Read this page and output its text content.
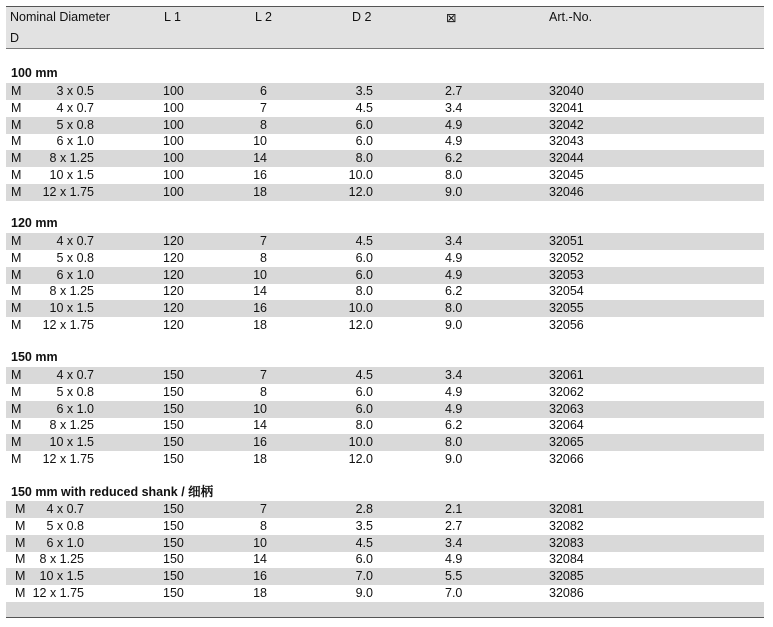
Nominal Diameter
D
L 1	L 2	D 2	⊠	Art.-No.
100 mm
M	3 x 0.5	100	6	3.5	2.7	32040
M	4 x 0.7	100	7	4.5	3.4	32041
M	5 x 0.8	100	8	6.0	4.9	32042
M	6 x 1.0	100	10	6.0	4.9	32043
M	8 x 1.25	100	14	8.0	6.2	32044
M	10 x 1.5	100	16	10.0	8.0	32045
M	12 x 1.75	100	18	12.0	9.0	32046
120 mm
M	4 x 0.7	120	7	4.5	3.4	32051
M	5 x 0.8	120	8	6.0	4.9	32052
M	6 x 1.0	120	10	6.0	4.9	32053
M	8 x 1.25	120	14	8.0	6.2	32054
M	10 x 1.5	120	16	10.0	8.0	32055
M	12 x 1.75	120	18	12.0	9.0	32056
150 mm
M	4 x 0.7	150	7	4.5	3.4	32061
M	5 x 0.8	150	8	6.0	4.9	32062
M	6 x 1.0	150	10	6.0	4.9	32063
M	8 x 1.25	150	14	8.0	6.2	32064
M	10 x 1.5	150	16	10.0	8.0	32065
M	12 x 1.75	150	18	12.0	9.0	32066
150 mm with reduced shank / 细柄
M	4 x 0.7	150	7	2.8	2.1	32081
M	5 x 0.8	150	8	3.5	2.7	32082
M	6 x 1.0	150	10	4.5	3.4	32083
M	8 x 1.25	150	14	6.0	4.9	32084
M	10 x 1.5	150	16	7.0	5.5	32085
M 12 x 1.75	150	18	9.0	7.0	32086
